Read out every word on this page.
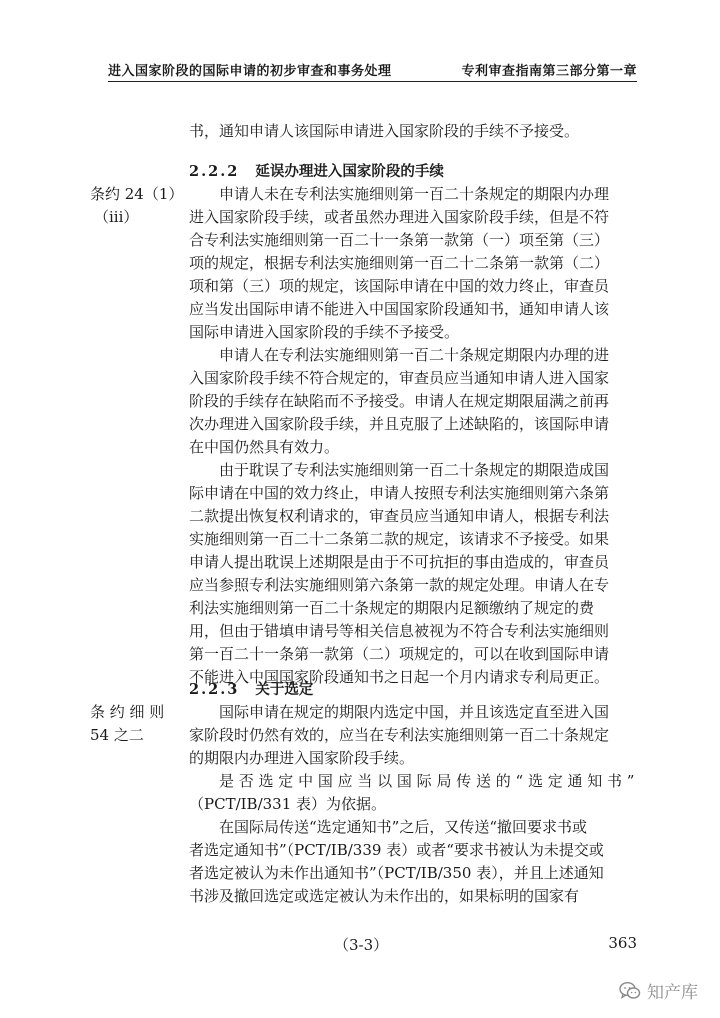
进入国家阶段的国际申请的初步审查和事务处理	专利审查指南第三部分第一章
书，通知申请人该国际申请进入国家阶段的手续不予接受。
2.2.2 延误办理进入国家阶段的手续
条约 24（1）
（iii）
申请人未在专利法实施细则第一百二十条规定的期限内办理
进入国家阶段手续，或者虽然办理进入国家阶段手续，但是不符
合专利法实施细则第一百二十一条第一款第（一）项至第（三）
项的规定，根据专利法实施细则第一百二十二条第一款第（二）
项和第（三）项的规定，该国际申请在中国的效力终止，审查员
应当发出国际申请不能进入中国国家阶段通知书，通知申请人该
国际申请进入国家阶段的手续不予接受。
申请人在专利法实施细则第一百二十条规定期限内办理的进
入国家阶段手续不符合规定的，审查员应当通知申请人进入国家
阶段的手续存在缺陷而不予接受。申请人在规定期限届满之前再
次办理进入国家阶段手续，并且克服了上述缺陷的，该国际申请
在中国仍然具有效力。
由于耽误了专利法实施细则第一百二十条规定的期限造成国
际申请在中国的效力终止，申请人按照专利法实施细则第六条第
二款提出恢复权利请求的，审查员应当通知申请人，根据专利法
实施细则第一百二十二条第二款的规定，该请求不予接受。如果
申请人提出耽误上述期限是由于不可抗拒的事由造成的，审查员
应当参照专利法实施细则第六条第一款的规定处理。申请人在专
利法实施细则第一百二十条规定的期限内足额缴纳了规定的费
用，但由于错填申请号等相关信息被视为不符合专利法实施细则
第一百二十一条第一款第（二）项规定的，可以在收到国际申请
不能进入中国国家阶段通知书之日起一个月内请求专利局更正。
2.2.3 关于选定
条 约 细 则
54 之二
国际申请在规定的期限内选定中国，并且该选定直至进入国
家阶段时仍然有效的，应当在专利法实施细则第一百二十条规定
的期限内办理进入国家阶段手续。
是 否 选 定 中 国 应 当 以 国 际 局 传 送 的 “ 选 定 通 知 书 ”
（PCT/IB/331 表）为依据。
在国际局传送“选定通知书”之后，又传送“撤回要求书或
者选定通知书”（PCT/IB/339 表）或者“要求书被认为未提交或
者选定被认为未作出通知书”（PCT/IB/350 表），并且上述通知
书涉及撤回选定或选定被认为未作出的，如果标明的国家有
（3-3）	363
知产库
